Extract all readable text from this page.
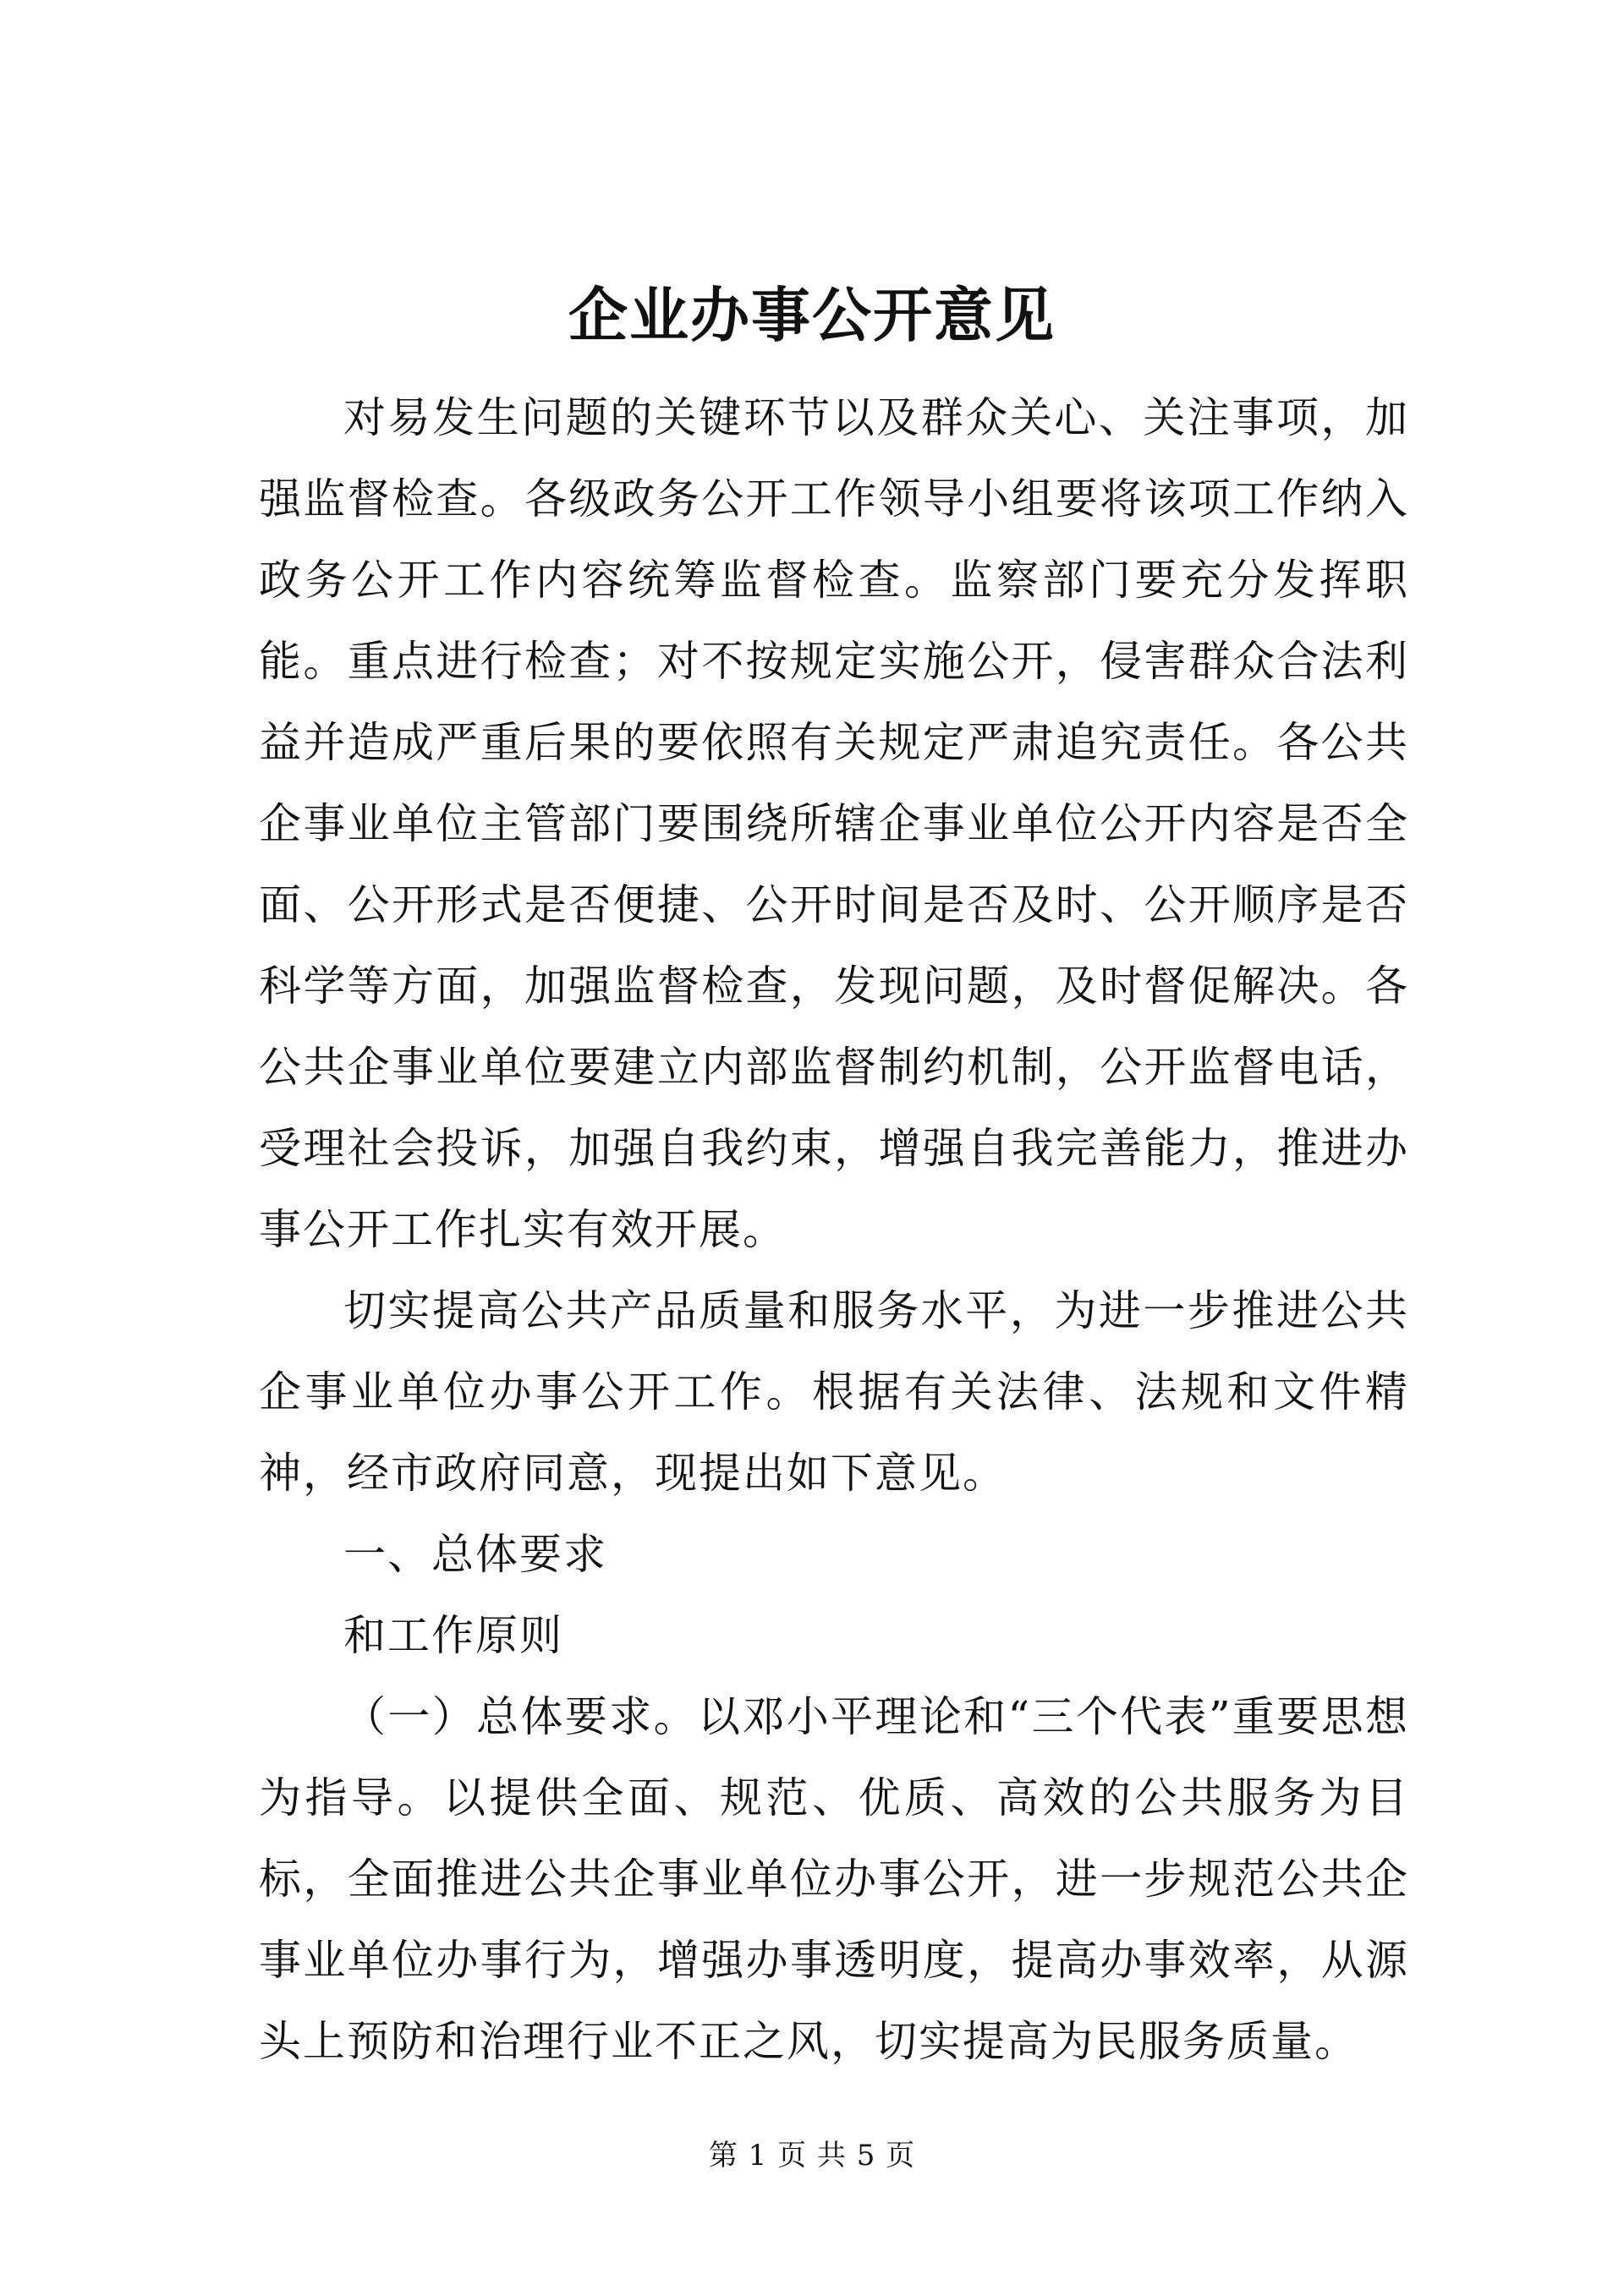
企业办事公开意见

对易发生问题的关键环节以及群众关心、关注事项，加强监督检查。各级政务公开工作领导小组要将该项工作纳入政务公开工作内容统筹监督检查。监察部门要充分发挥职能。重点进行检查；对不按规定实施公开，侵害群众合法利益并造成严重后果的要依照有关规定严肃追究责任。各公共企事业单位主管部门要围绕所辖企事业单位公开内容是否全面、公开形式是否便捷、公开时间是否及时、公开顺序是否科学等方面，加强监督检查，发现问题，及时督促解决。各公共企事业单位要建立内部监督制约机制，公开监督电话，受理社会投诉，加强自我约束，增强自我完善能力，推进办事公开工作扎实有效开展。

切实提高公共产品质量和服务水平，为进一步推进公共企事业单位办事公开工作。根据有关法律、法规和文件精神，经市政府同意，现提出如下意见。

一、总体要求

和工作原则

（一）总体要求。以邓小平理论和“三个代表”重要思想为指导。以提供全面、规范、优质、高效的公共服务为目标，全面推进公共企事业单位办事公开，进一步规范公共企事业单位办事行为，增强办事透明度，提高办事效率，从源头上预防和治理行业不正之风，切实提高为民服务质量。

第 1 页 共 5 页
